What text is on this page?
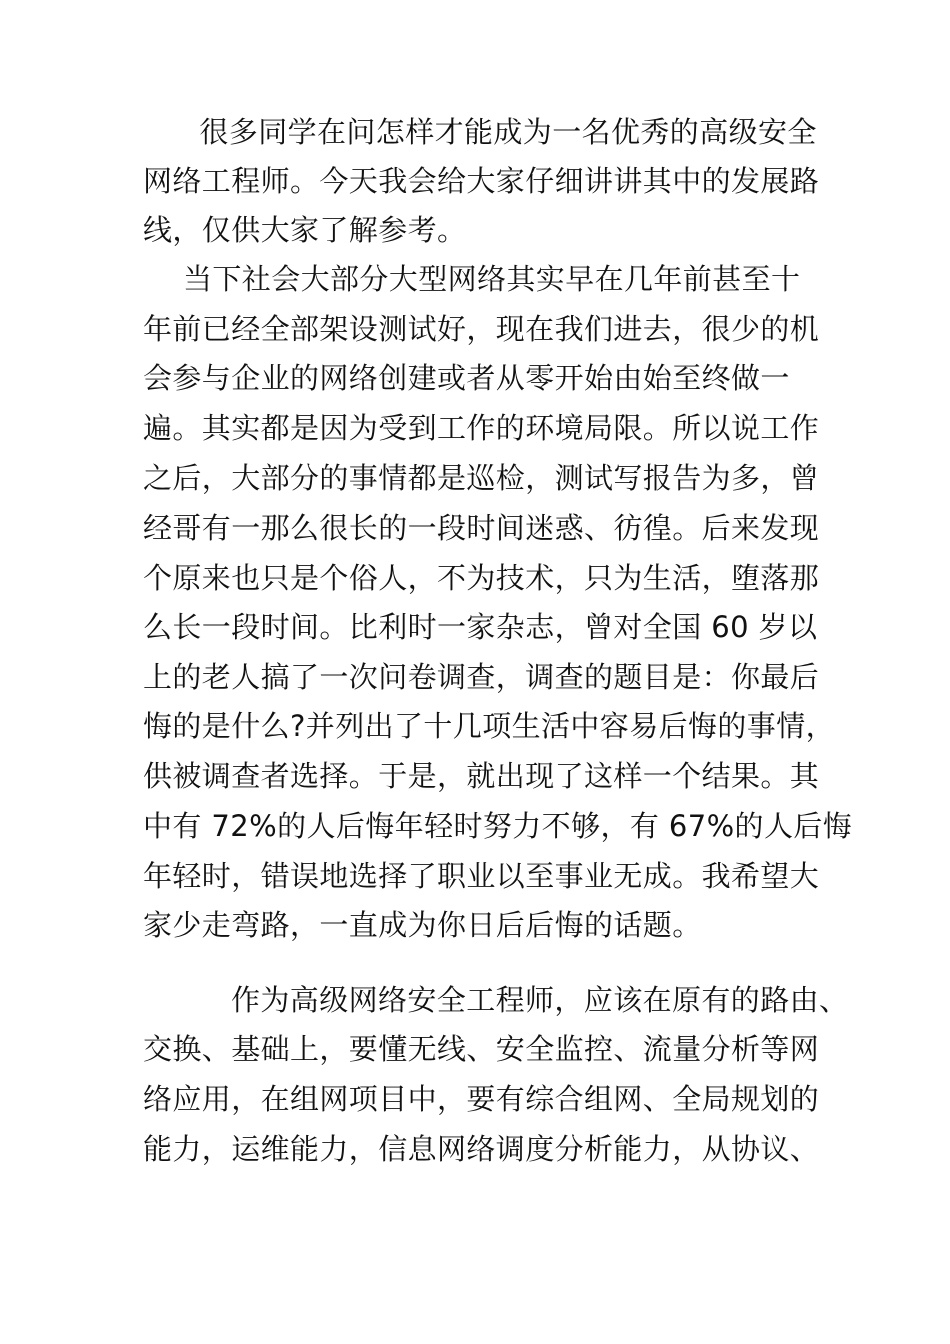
　很多同学在问怎样才能成为一名优秀的高级安全
网络工程师。今天我会给大家仔细讲讲其中的发展路
线，仅供大家了解参考。
当下社会大部分大型网络其实早在几年前甚至十
年前已经全部架设测试好，现在我们进去，很少的机
会参与企业的网络创建或者从零开始由始至终做一
遍。其实都是因为受到工作的环境局限。所以说工作
之后，大部分的事情都是巡检，测试写报告为多，曾
经哥有一那么很长的一段时间迷惑、彷徨。后来发现
个原来也只是个俗人，不为技术，只为生活，堕落那
么长一段时间。比利时一家杂志，曾对全国 60 岁以
上的老人搞了一次问卷调查，调查的题目是：你最后
悔的是什么?并列出了十几项生活中容易后悔的事情，
供被调查者选择。于是，就出现了这样一个结果。其
中有 72%的人后悔年轻时努力不够，有 67%的人后悔
年轻时，错误地选择了职业以至事业无成。我希望大
家少走弯路，一直成为你日后后悔的话题。
作为高级网络安全工程师，应该在原有的路由、
交换、基础上，要懂无线、安全监控、流量分析等网
络应用，在组网项目中，要有综合组网、全局规划的
能力，运维能力，信息网络调度分析能力，从协议、
